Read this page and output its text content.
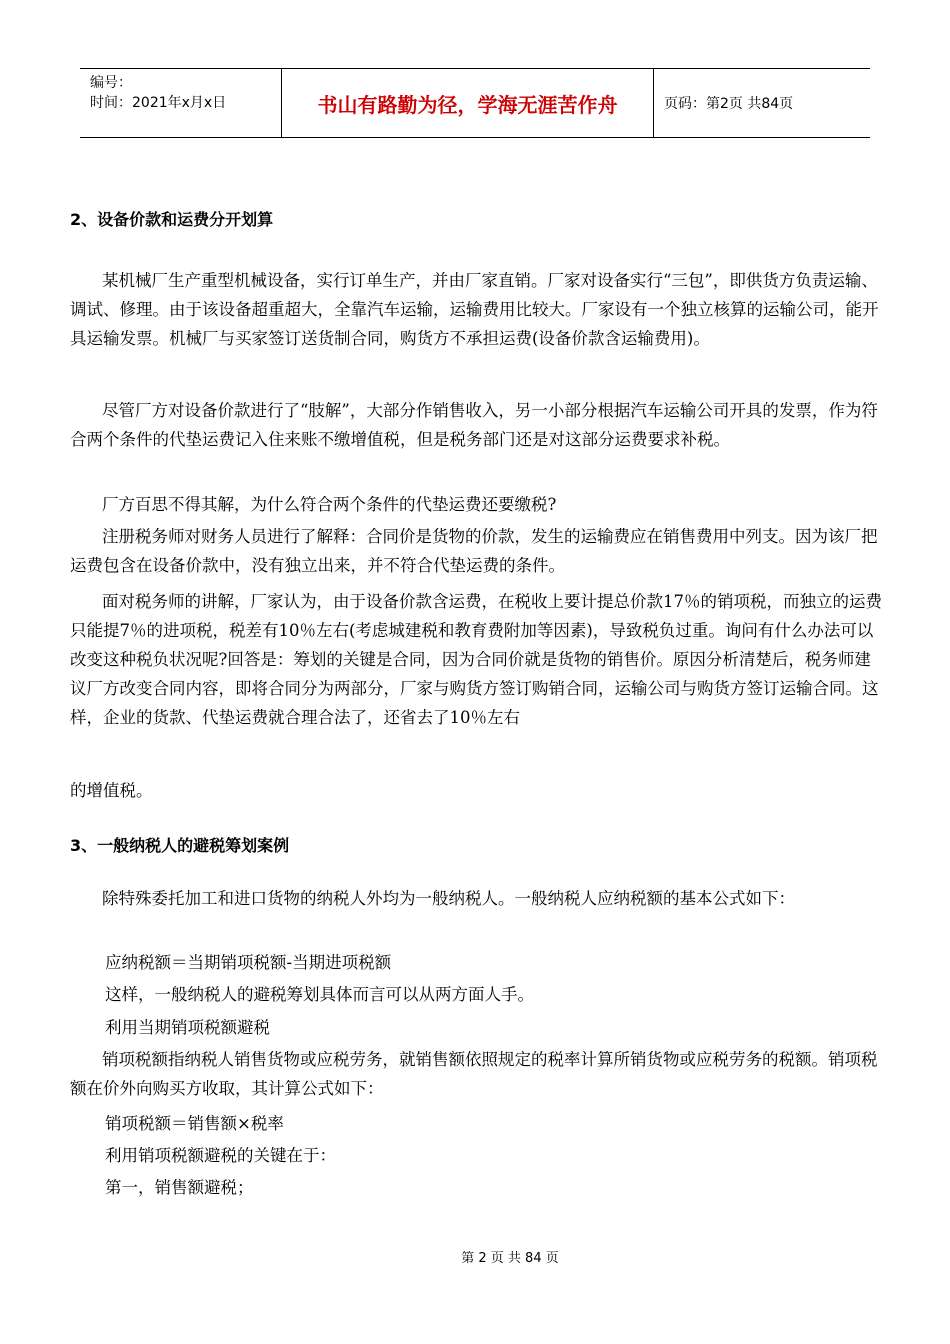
编号：
时间：2021年x月x日	书山有路勤为径，学海无涯苦作舟	页码：第2页 共84页
2、设备价款和运费分开划算

某机械厂生产重型机械设备，实行订单生产，并由厂家直销。厂家对设备实行“三包”，即供货方负责运输、调试、修理。由于该设备超重超大，全靠汽车运输，运输费用比较大。厂家设有一个独立核算的运输公司，能开具运输发票。机械厂与买家签订送货制合同，购货方不承担运费(设备价款含运输费用)。

尽管厂方对设备价款进行了“肢解”，大部分作销售收入，另一小部分根据汽车运输公司开具的发票，作为符合两个条件的代垫运费记入住来账不缴增值税，但是税务部门还是对这部分运费要求补税。

厂方百思不得其解，为什么符合两个条件的代垫运费还要缴税?

注册税务师对财务人员进行了解释：合同价是货物的价款，发生的运输费应在销售费用中列支。因为该厂把运费包含在设备价款中，没有独立出来，并不符合代垫运费的条件。

面对税务师的讲解，厂家认为，由于设备价款含运费，在税收上要计提总价款17％的销项税，而独立的运费只能提7％的进项税，税差有10％左右(考虑城建税和教育费附加等因素)，导致税负过重。询问有什么办法可以改变这种税负状况呢?回答是：筹划的关键是合同，因为合同价就是货物的销售价。原因分析清楚后，税务师建议厂方改变合同内容，即将合同分为两部分，厂家与购货方签订购销合同，运输公司与购货方签订运输合同。这样，企业的货款、代垫运费就合理合法了，还省去了10％左右

的增值税。

3、一般纳税人的避税筹划案例

除特殊委托加工和进口货物的纳税人外均为一般纳税人。一般纳税人应纳税额的基本公式如下：

应纳税额＝当期销项税额-当期进项税额
这样，一般纳税人的避税筹划具体而言可以从两方面人手。
利用当期销项税额避税

销项税额指纳税人销售货物或应税劳务，就销售额依照规定的税率计算所销货物或应税劳务的税额。销项税额在价外向购买方收取，其计算公式如下：

销项税额＝销售额×税率
利用销项税额避税的关键在于：
第一，销售额避税；
第 2 页 共 84 页
